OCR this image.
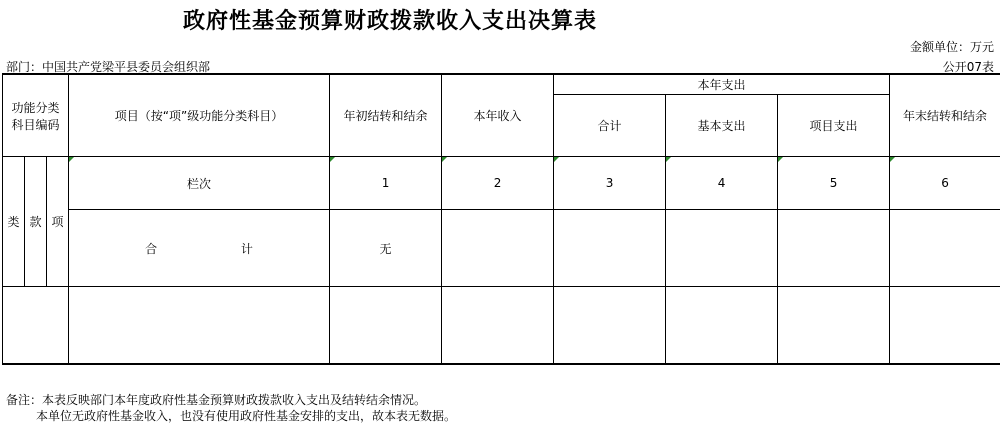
政府性基金预算财政拨款收入支出决算表
金额单位：万元
部门：中国共产党梁平县委员会组织部	公开07表
功能分类科目编码			项目（按“项”级功能分类科目）	年初结转和结余	本年收入	本年支出			年末结转和结余
						合计	基本支出	项目支出	
类	款	项	栏次	1	2	3	4	5	6
			合 计	无					

备注：本表反映部门本年度政府性基金预算财政拨款收入支出及结转结余情况。
本单位无政府性基金收入，也没有使用政府性基金安排的支出，故本表无数据。
